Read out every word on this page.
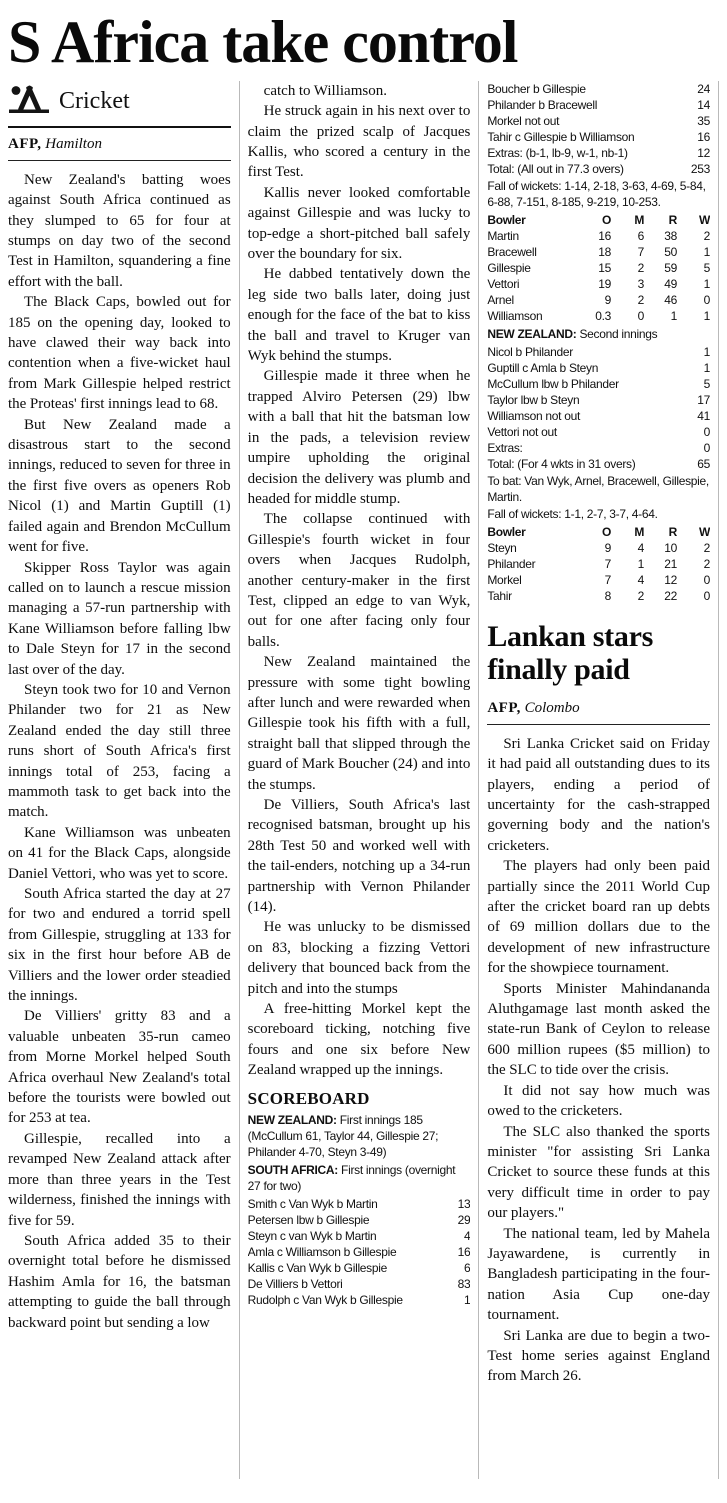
S Africa take control
Cricket
AFP, Hamilton

New Zealand's batting woes against South Africa continued as they slumped to 65 for four at stumps on day two of the second Test in Hamilton, squandering a fine effort with the ball.

The Black Caps, bowled out for 185 on the opening day, looked to have clawed their way back into contention when a five-wicket haul from Mark Gillespie helped restrict the Proteas' first innings lead to 68.

But New Zealand made a disastrous start to the second innings, reduced to seven for three in the first five overs as openers Rob Nicol (1) and Martin Guptill (1) failed again and Brendon McCullum went for five.

Skipper Ross Taylor was again called on to launch a rescue mission managing a 57-run partnership with Kane Williamson before falling lbw to Dale Steyn for 17 in the second last over of the day.

Steyn took two for 10 and Vernon Philander two for 21 as New Zealand ended the day still three runs short of South Africa's first innings total of 253, facing a mammoth task to get back into the match.

Kane Williamson was unbeaten on 41 for the Black Caps, alongside Daniel Vettori, who was yet to score.

South Africa started the day at 27 for two and endured a torrid spell from Gillespie, struggling at 133 for six in the first hour before AB de Villiers and the lower order steadied the innings.

De Villiers' gritty 83 and a valuable unbeaten 35-run cameo from Morne Morkel helped South Africa overhaul New Zealand's total before the tourists were bowled out for 253 at tea.

Gillespie, recalled into a revamped New Zealand attack after more than three years in the Test wilderness, finished the innings with five for 59.

South Africa added 35 to their overnight total before he dismissed Hashim Amla for 16, the batsman attempting to guide the ball through backward point but sending a low

catch to Williamson.

He struck again in his next over to claim the prized scalp of Jacques Kallis, who scored a century in the first Test.

Kallis never looked comfortable against Gillespie and was lucky to top-edge a short-pitched ball safely over the boundary for six.

He dabbed tentatively down the leg side two balls later, doing just enough for the face of the bat to kiss the ball and travel to Kruger van Wyk behind the stumps.

Gillespie made it three when he trapped Alviro Petersen (29) lbw with a ball that hit the batsman low in the pads, a television review umpire upholding the original decision the delivery was plumb and headed for middle stump.

The collapse continued with Gillespie's fourth wicket in four overs when Jacques Rudolph, another century-maker in the first Test, clipped an edge to van Wyk, out for one after facing only four balls.

New Zealand maintained the pressure with some tight bowling after lunch and were rewarded when Gillespie took his fifth with a full, straight ball that slipped through the guard of Mark Boucher (24) and into the stumps.

De Villiers, South Africa's last recognised batsman, brought up his 28th Test 50 and worked well with the tail-enders, notching up a 34-run partnership with Vernon Philander (14).

He was unlucky to be dismissed on 83, blocking a fizzing Vettori delivery that bounced back from the pitch and into the stumps

A free-hitting Morkel kept the scoreboard ticking, notching five fours and one six before New Zealand wrapped up the innings.

SCOREBOARD

NEW ZEALAND: First innings 185 (McCullum 61, Taylor 44, Gillespie 27; Philander 4-70, Steyn 3-49)

SOUTH AFRICA: First innings (overnight 27 for two)

Smith c Van Wyk b Martin	13
Petersen lbw b Gillespie	29
Steyn c van Wyk b Martin	4
Amla c Williamson b Gillespie	16
Kallis c Van Wyk b Gillespie	6
De Villiers b Vettori	83
Rudolph c Van Wyk b Gillespie	1
Boucher b Gillespie	24
Philander b Bracewell	14
Morkel not out	35
Tahir c Gillespie b Williamson	16
Extras: (b-1, lb-9, w-1, nb-1)	12
Total: (All out in 77.3 overs)	253

Fall of wickets: 1-14, 2-18, 3-63, 4-69, 5-84, 6-88, 7-151, 8-185, 9-219, 10-253.

Bowler	O	M	R	W
Martin	16	6	38	2
Bracewell	18	7	50	1
Gillespie	15	2	59	5
Vettori	19	3	49	1
Arnel	9	2	46	0
Williamson	0.3	0	1	1

NEW ZEALAND: Second innings

Nicol b Philander	1
Guptill c Amla b Steyn	1
McCullum lbw b Philander	5
Taylor lbw b Steyn	17
Williamson not out	41
Vettori not out	0
Extras:	0
Total: (For 4 wkts in 31 overs)	65

To bat: Van Wyk, Arnel, Bracewell, Gillespie, Martin.

Fall of wickets: 1-1, 2-7, 3-7, 4-64.

Bowler	O	M	R	W
Steyn	9	4	10	2
Philander	7	1	21	2
Morkel	7	4	12	0
Tahir	8	2	22	0
Lankan stars finally paid
AFP, Colombo

Sri Lanka Cricket said on Friday it had paid all outstanding dues to its players, ending a period of uncertainty for the cash-strapped governing body and the nation's cricketers.

The players had only been paid partially since the 2011 World Cup after the cricket board ran up debts of 69 million dollars due to the development of new infrastructure for the showpiece tournament.

Sports Minister Mahindananda Aluthgamage last month asked the state-run Bank of Ceylon to release 600 million rupees ($5 million) to the SLC to tide over the crisis.

It did not say how much was owed to the cricketers.

The SLC also thanked the sports minister "for assisting Sri Lanka Cricket to source these funds at this very difficult time in order to pay our players."

The national team, led by Mahela Jayawardene, is currently in Bangladesh participating in the four-nation Asia Cup one-day tournament.

Sri Lanka are due to begin a two-Test home series against England from March 26.
